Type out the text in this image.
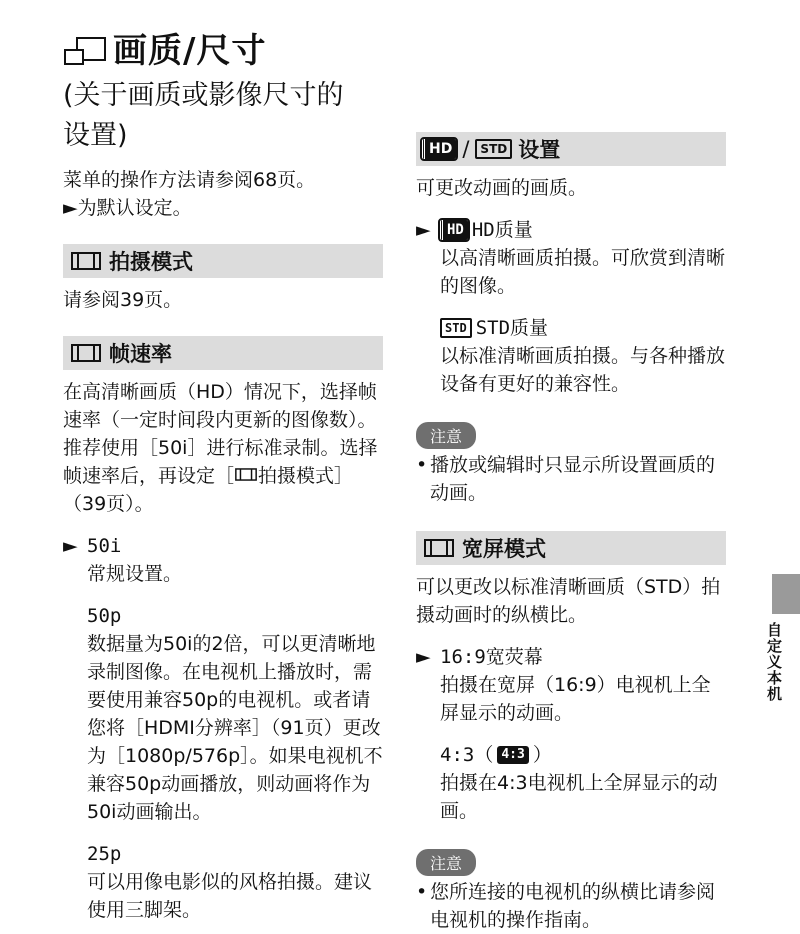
画质/尺寸
(关于画质或影像尺寸的设置)
菜单的操作方法请参阅68页。
►为默认设定。
拍摄模式
请参阅39页。
帧速率
在高清晰画质（HD）情况下，选择帧速率（一定时间段内更新的图像数）。推荐使用［50i］进行标准录制。选择帧速率后，再设定［ 拍摄模式］（39页）。
► 50i
常规设置。
50p
数据量为50i的2倍，可以更清晰地录制图像。在电视机上播放时，需要使用兼容50p的电视机。或者请您将［HDMI分辨率］（91页）更改为［1080p/576p］。如果电视机不兼容50p动画播放，则动画将作为50i动画输出。
25p
可以用像电影似的风格拍摄。建议使用三脚架。
HD / STD 设置
可更改动画的画质。
►	HD HD质量
以高清晰画质拍摄。可欣赏到清晰的图像。
STD STD质量
以标准清晰画质拍摄。与各种播放设备有更好的兼容性。
注意
• 播放或编辑时只显示所设置画质的动画。
宽屏模式
可以更改以标准清晰画质（STD）拍摄动画时的纵横比。
► 16:9宽荧幕
拍摄在宽屏（16:9）电视机上全屏显示的动画。
4:3（ 4:3 ）
拍摄在4:3电视机上全屏显示的动画。
注意
• 您所连接的电视机的纵横比请参阅电视机的操作指南。
自定义本机
